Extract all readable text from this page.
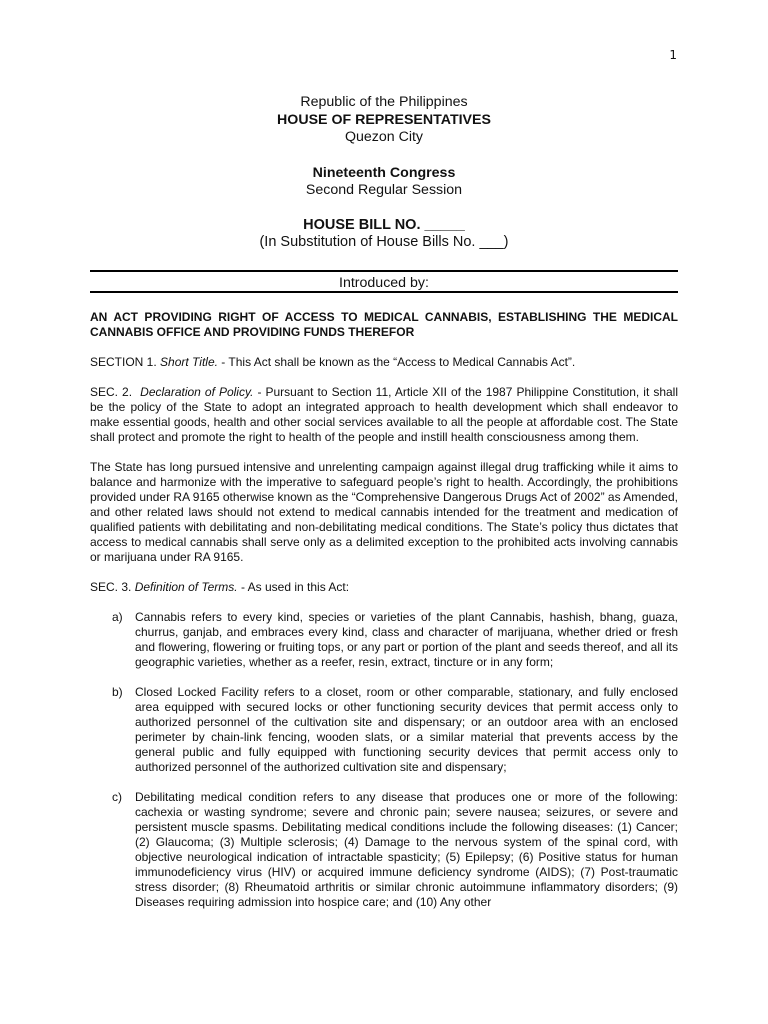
1
Republic of the Philippines
HOUSE OF REPRESENTATIVES
Quezon City
Nineteenth Congress
Second Regular Session
HOUSE BILL NO. _____
(In Substitution of House Bills No. ___)
Introduced by:

AN ACT PROVIDING RIGHT OF ACCESS TO MEDICAL CANNABIS, ESTABLISHING THE MEDICAL CANNABIS OFFICE AND PROVIDING FUNDS THEREFOR

SECTION 1. Short Title. - This Act shall be known as the “Access to Medical Cannabis Act”.

SEC. 2. Declaration of Policy. - Pursuant to Section 11, Article XII of the 1987 Philippine Constitution, it shall be the policy of the State to adopt an integrated approach to health development which shall endeavor to make essential goods, health and other social services available to all the people at affordable cost. The State shall protect and promote the right to health of the people and instill health consciousness among them.

The State has long pursued intensive and unrelenting campaign against illegal drug trafficking while it aims to balance and harmonize with the imperative to safeguard people’s right to health. Accordingly, the prohibitions provided under RA 9165 otherwise known as the “Comprehensive Dangerous Drugs Act of 2002” as Amended, and other related laws should not extend to medical cannabis intended for the treatment and medication of qualified patients with debilitating and non-debilitating medical conditions. The State’s policy thus dictates that access to medical cannabis shall serve only as a delimited exception to the prohibited acts involving cannabis or marijuana under RA 9165.

SEC. 3. Definition of Terms. - As used in this Act:

a) Cannabis refers to every kind, species or varieties of the plant Cannabis, hashish, bhang, guaza, churrus, ganjab, and embraces every kind, class and character of marijuana, whether dried or fresh and flowering, flowering or fruiting tops, or any part or portion of the plant and seeds thereof, and all its geographic varieties, whether as a reefer, resin, extract, tincture or in any form;
b) Closed Locked Facility refers to a closet, room or other comparable, stationary, and fully enclosed area equipped with secured locks or other functioning security devices that permit access only to authorized personnel of the cultivation site and dispensary; or an outdoor area with an enclosed perimeter by chain-link fencing, wooden slats, or a similar material that prevents access by the general public and fully equipped with functioning security devices that permit access only to authorized personnel of the authorized cultivation site and dispensary;
c) Debilitating medical condition refers to any disease that produces one or more of the following: cachexia or wasting syndrome; severe and chronic pain; severe nausea; seizures, or severe and persistent muscle spasms. Debilitating medical conditions include the following diseases: (1) Cancer; (2) Glaucoma; (3) Multiple sclerosis; (4) Damage to the nervous system of the spinal cord, with objective neurological indication of intractable spasticity; (5) Epilepsy; (6) Positive status for human immunodeficiency virus (HIV) or acquired immune deficiency syndrome (AIDS); (7) Post-traumatic stress disorder; (8) Rheumatoid arthritis or similar chronic autoimmune inflammatory disorders; (9) Diseases requiring admission into hospice care; and (10) Any other
